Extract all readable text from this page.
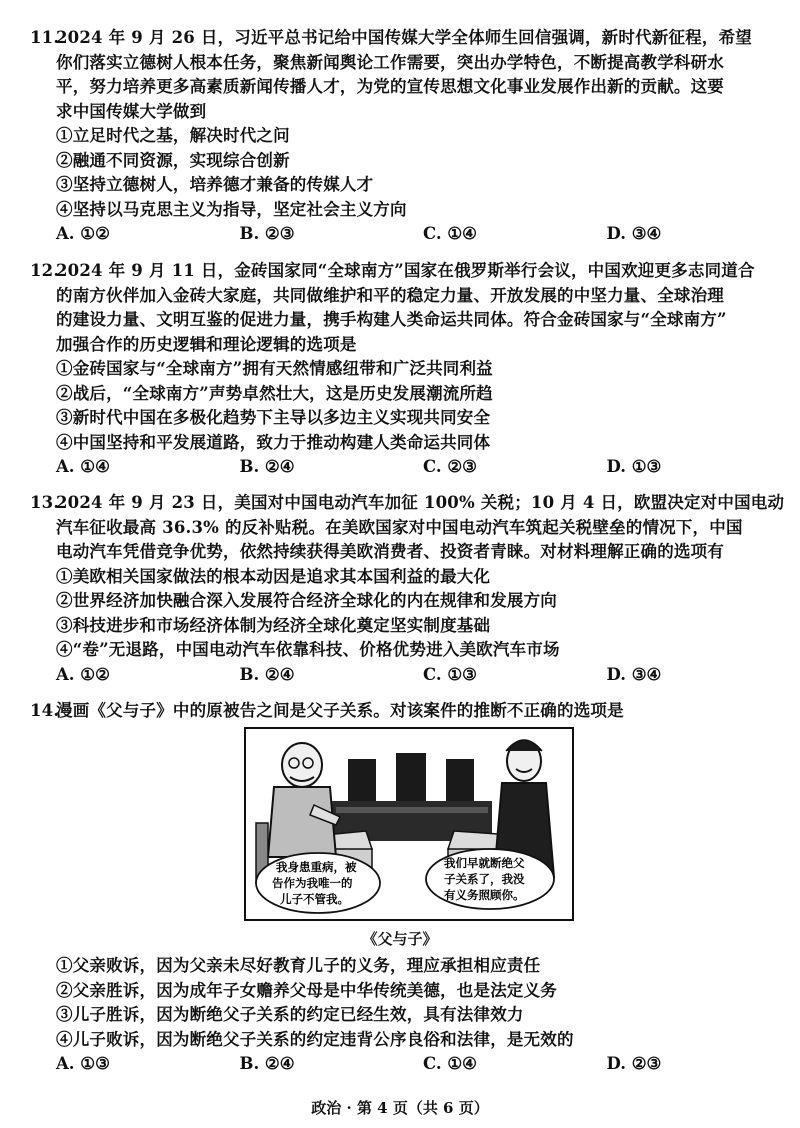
11.
2024 年 9 月 26 日，习近平总书记给中国传媒大学全体师生回信强调，新时代新征程，希望
你们落实立德树人根本任务，聚焦新闻舆论工作需要，突出办学特色，不断提高教学科研水
平，努力培养更多高素质新闻传播人才，为党的宣传思想文化事业发展作出新的贡献。这要
求中国传媒大学做到
①立足时代之基，解决时代之问
②融通不同资源，实现综合创新
③坚持立德树人，培养德才兼备的传媒人才
④坚持以马克思主义为指导，坚定社会主义方向
A. ①②	B. ②③	C. ①④	D. ③④
12.
2024 年 9 月 11 日，金砖国家同“全球南方”国家在俄罗斯举行会议，中国欢迎更多志同道合
的南方伙伴加入金砖大家庭，共同做维护和平的稳定力量、开放发展的中坚力量、全球治理
的建设力量、文明互鉴的促进力量，携手构建人类命运共同体。符合金砖国家与“全球南方”
加强合作的历史逻辑和理论逻辑的选项是
①金砖国家与“全球南方”拥有天然情感纽带和广泛共同利益
②战后，“全球南方”声势卓然壮大，这是历史发展潮流所趋
③新时代中国在多极化趋势下主导以多边主义实现共同安全
④中国坚持和平发展道路，致力于推动构建人类命运共同体
A. ①④	B. ②④	C. ②③	D. ①③
13.
2024 年 9 月 23 日，美国对中国电动汽车加征 100% 关税；10 月 4 日，欧盟决定对中国电动
汽车征收最高 36.3% 的反补贴税。在美欧国家对中国电动汽车筑起关税壁垒的情况下，中国
电动汽车凭借竞争优势，依然持续获得美欧消费者、投资者青睐。对材料理解正确的选项有
①美欧相关国家做法的根本动因是追求其本国利益的最大化
②世界经济加快融合深入发展符合经济全球化的内在规律和发展方向
③科技进步和市场经济体制为经济全球化奠定坚实制度基础
④“卷”无退路，中国电动汽车依靠科技、价格优势进入美欧汽车市场
A. ①②	B. ②④	C. ①③	D. ③④
14.
漫画《父与子》中的原被告之间是父子关系。对该案件的推断不正确的选项是
我身患重病，被 告作为我唯一的 儿子不管我。
我们早就断绝父 子关系了，我没 有义务照顾你。
《父与子》
①父亲败诉，因为父亲未尽好教育儿子的义务，理应承担相应责任
②父亲胜诉，因为成年子女赡养父母是中华传统美德，也是法定义务
③儿子胜诉，因为断绝父子关系的约定已经生效，具有法律效力
④儿子败诉，因为断绝父子关系的约定违背公序良俗和法律，是无效的
A. ①③	B. ②④	C. ①④	D. ②③
政治 · 第 4 页（共 6 页）
